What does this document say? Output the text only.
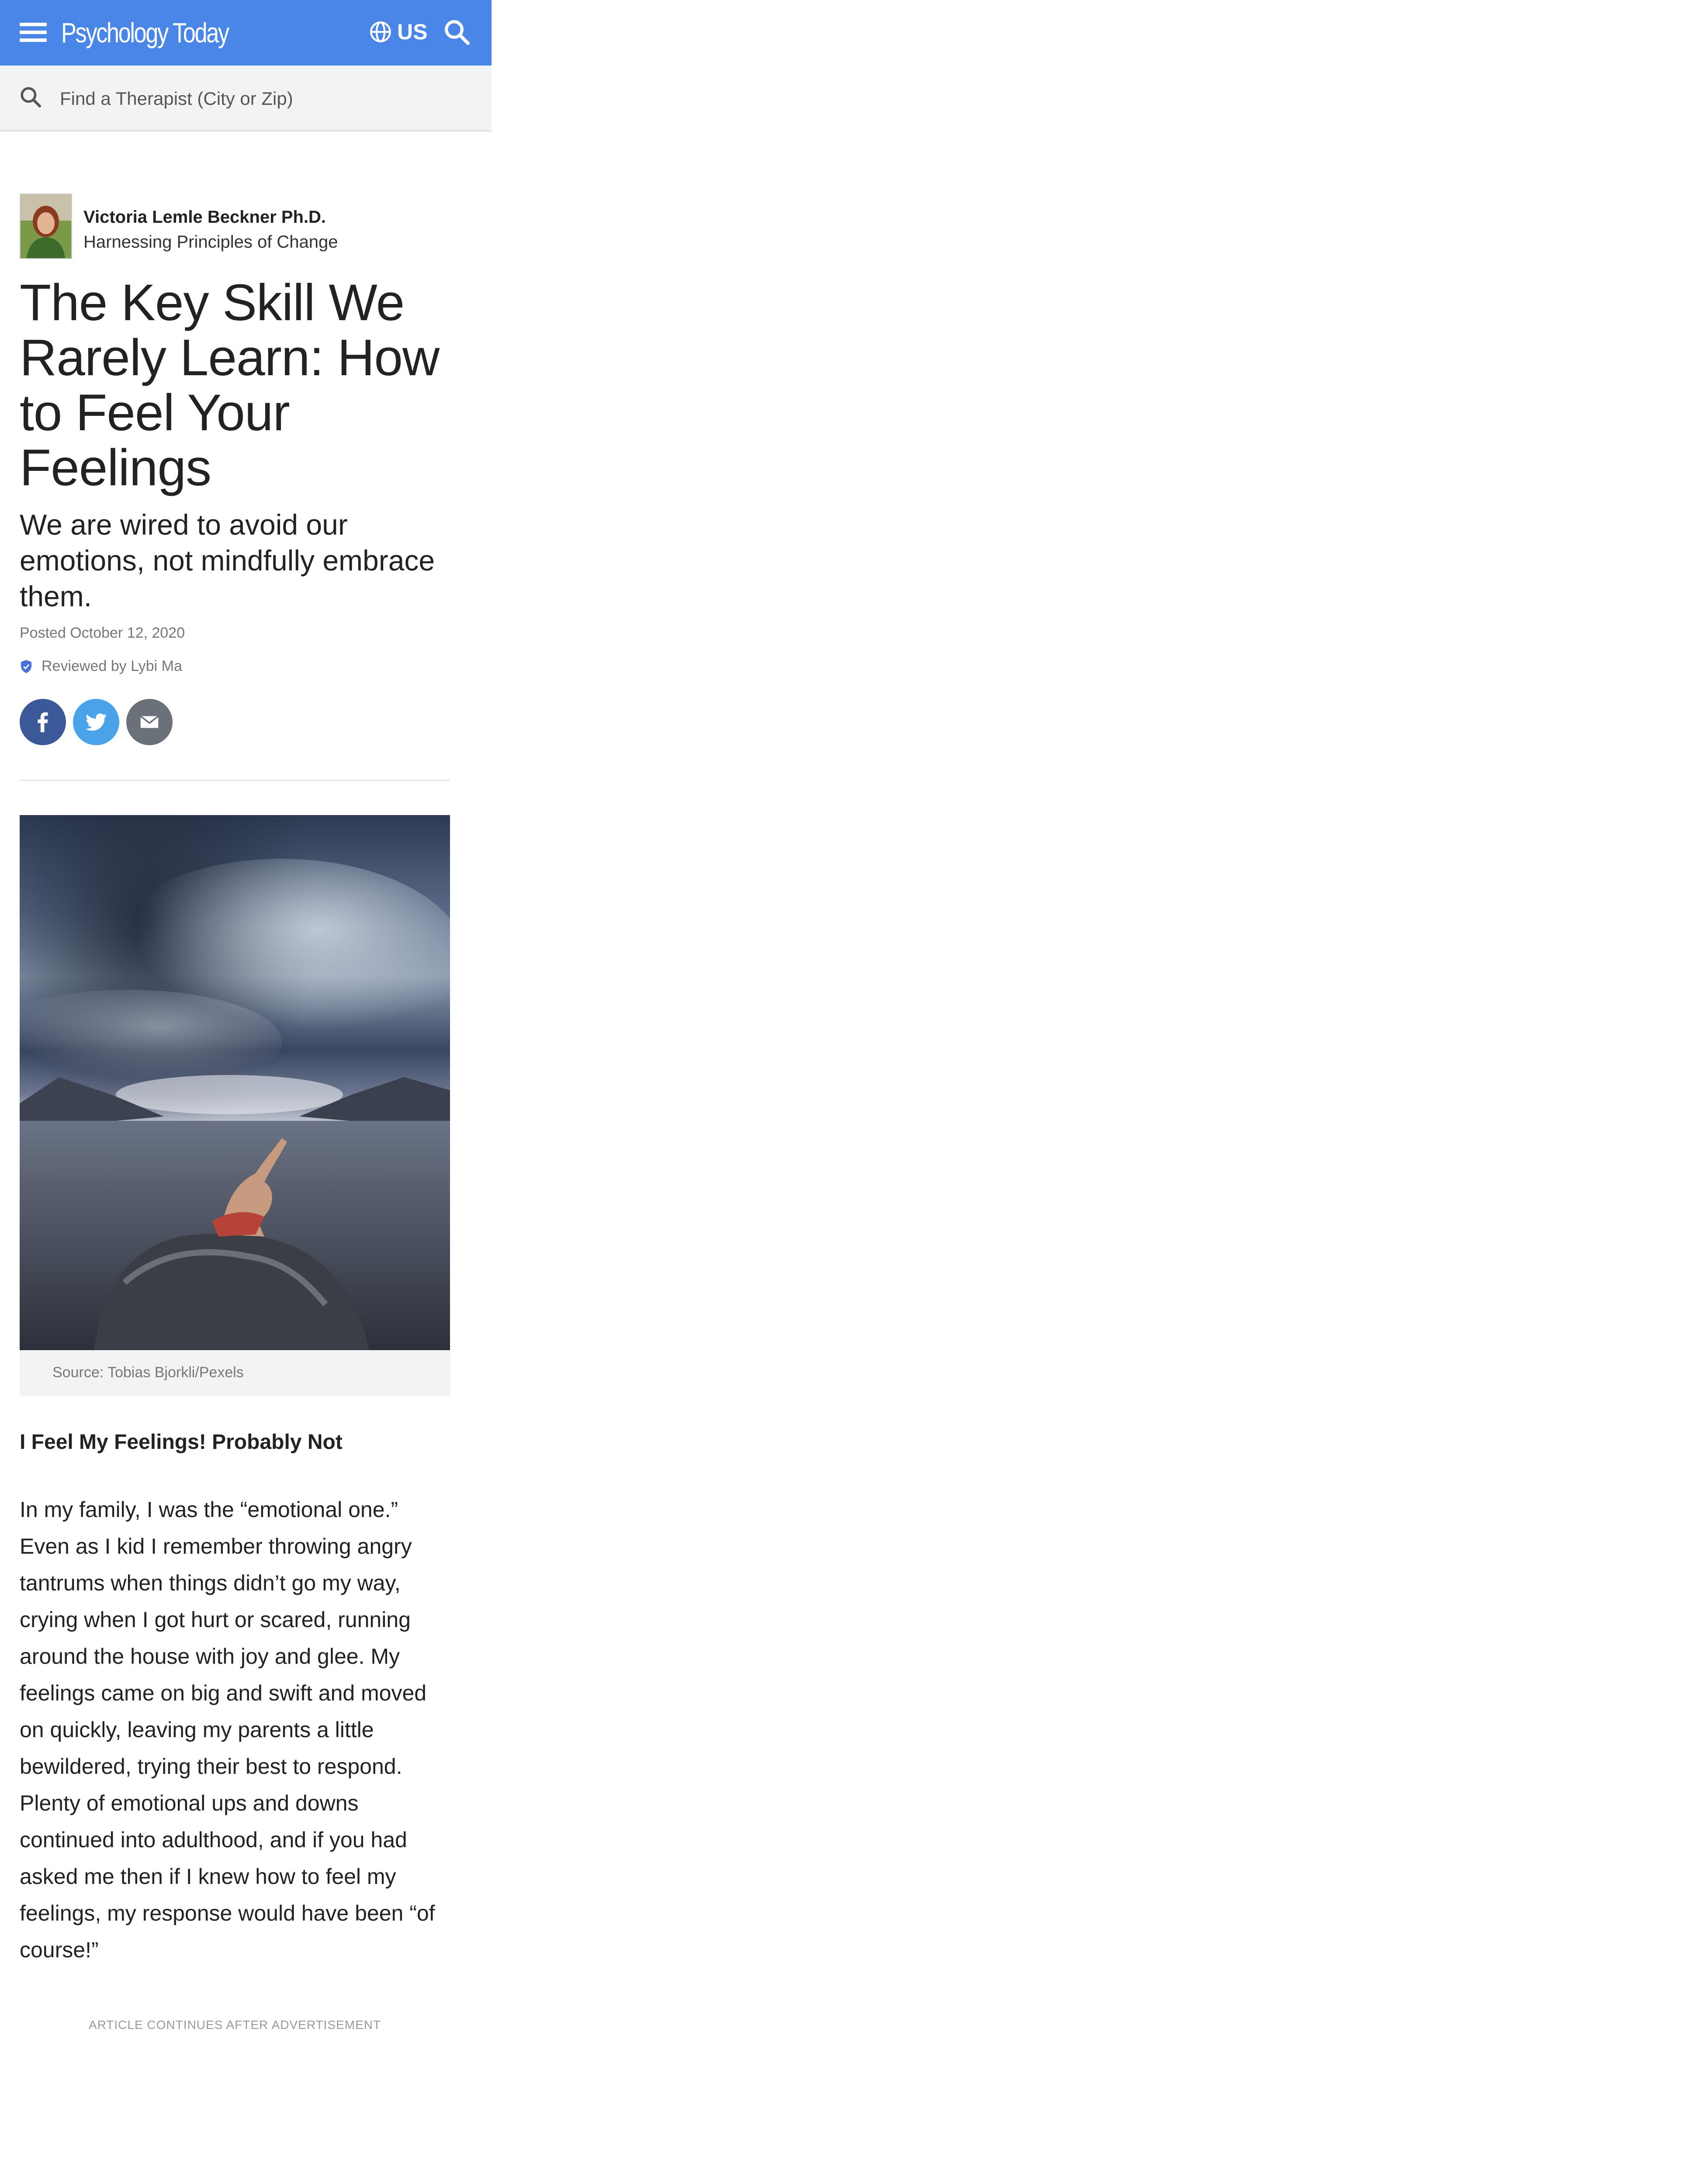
Psychology Today	US
Find a Therapist (City or Zip)
Victoria Lemle Beckner Ph.D.
Harnessing Principles of Change
The Key Skill We Rarely Learn: How to Feel Your Feelings
We are wired to avoid our emotions, not mindfully embrace them.
Posted October 12, 2020
Reviewed by Lybi Ma
Source: Tobias Bjorkli/Pexels
I Feel My Feelings! Probably Not

In my family, I was the “emotional one.” Even as I kid I remember throwing angry tantrums when things didn’t go my way, crying when I got hurt or scared, running around the house with joy and glee. My feelings came on big and swift and moved on quickly, leaving my parents a little bewildered, trying their best to respond. Plenty of emotional ups and downs continued into adulthood, and if you had asked me then if I knew how to feel my feelings, my response would have been “of course!”

ARTICLE CONTINUES AFTER ADVERTISEMENT
